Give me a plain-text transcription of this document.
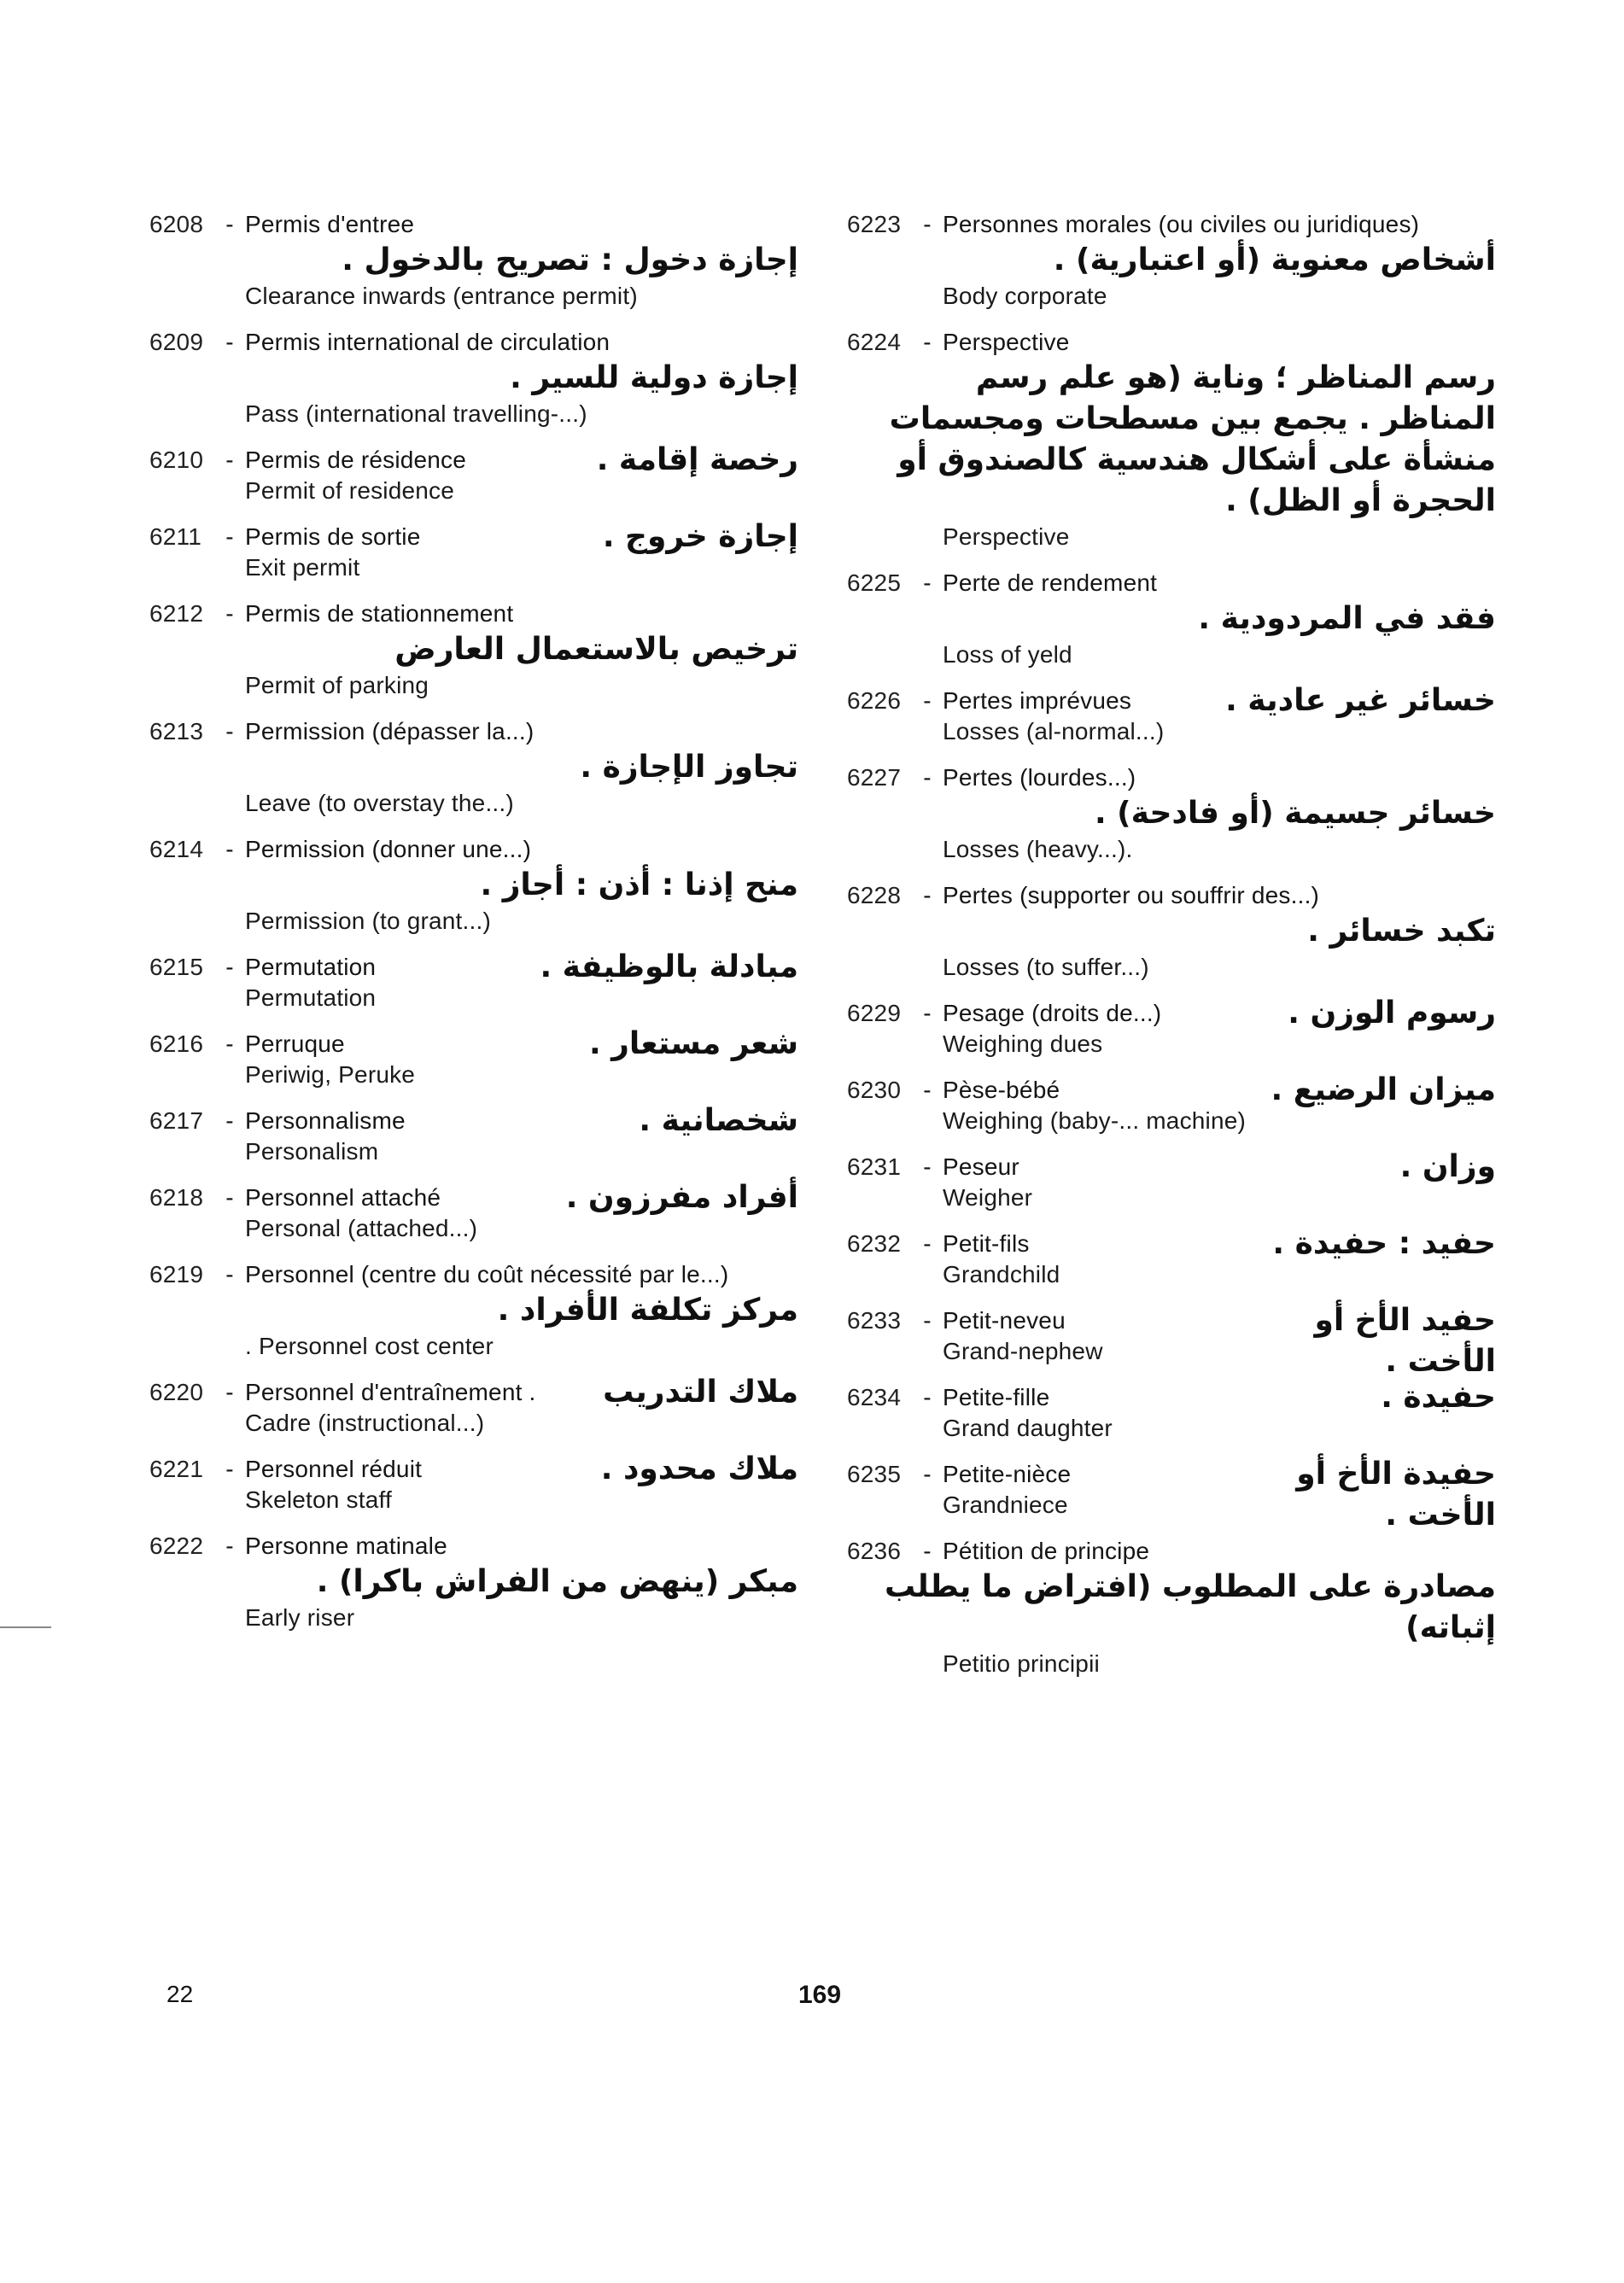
6208 - Permis d'entree
إجازة دخول : تصريح بالدخول .
Clearance inwards (entrance permit)
6209 - Permis international de circulation
إجازة دولية للسير .
Pass (international travelling-...)
6210 - Permis de résidence	رخصة إقامة .
Permit of residence
6211 - Permis de sortie	إجازة خروج .
Exit permit
6212 - Permis de stationnement
ترخيص بالاستعمال العارض
Permit of parking
6213 - Permission (dépasser la...)
تجاوز الإجازة .
Leave (to overstay the...)
6214 - Permission (donner une...)
منح إذنا : أذن : أجاز .
Permission (to grant...)
6215 - Permutation	مبادلة بالوظيفة .
Permutation
6216 - Perruque	شعر مستعار .
Periwig, Peruke
6217 - Personnalisme	شخصانية .
Personalism
6218 - Personnel attaché	أفراد مفرزون .
Personal (attached...)
6219 - Personnel (centre du coût nécessité par le...)
مركز تكلفة الأفراد .
. Personnel cost center
6220 - Personnel d'entraînement .	ملاك التدريب
Cadre (instructional...)
6221 - Personnel réduit	ملاك محدود .
Skeleton staff
6222 - Personne matinale
مبكر (ينهض من الفراش باكرا) .
Early riser
6223 - Personnes morales (ou civiles ou juridiques)
أشخاص معنوية (أو اعتبارية) .
Body corporate
6224 - Perspective
رسم المناظر ؛ وناية (هو علم رسم المناظر . يجمع بين مسطحات ومجسمات منشأة على أشكال هندسية كالصندوق أو الحجرة أو الظل) .
Perspective
6225 - Perte de rendement
فقد في المردودية .
Loss of yeld
6226 - Pertes imprévues	خسائر غير عادية .
Losses (al-normal...)
6227 - Pertes (lourdes...)
خسائر جسيمة (أو فادحة) .
Losses (heavy...).
6228 - Pertes (supporter ou souffrir des...)
تكبد خسائر .
Losses (to suffer...)
6229 - Pesage (droits de...)	رسوم الوزن .
Weighing dues
6230 - Pèse-bébé	ميزان الرضيع .
Weighing (baby-... machine)
6231 - Peseur	وزان .
Weigher
6232 - Petit-fils	حفيد : حفيدة .
Grandchild
6233 - Petit-neveu	حفيد الأخ أو الأخت .
Grand-nephew
6234 - Petite-fille	حفيدة .
Grand daughter
6235 - Petite-nièce	حفيدة الأخ أو الأخت .
Grandniece
6236 - Pétition de principe
مصادرة على المطلوب (افتراض ما يطلب إثباته)
Petitio principii
22	169
